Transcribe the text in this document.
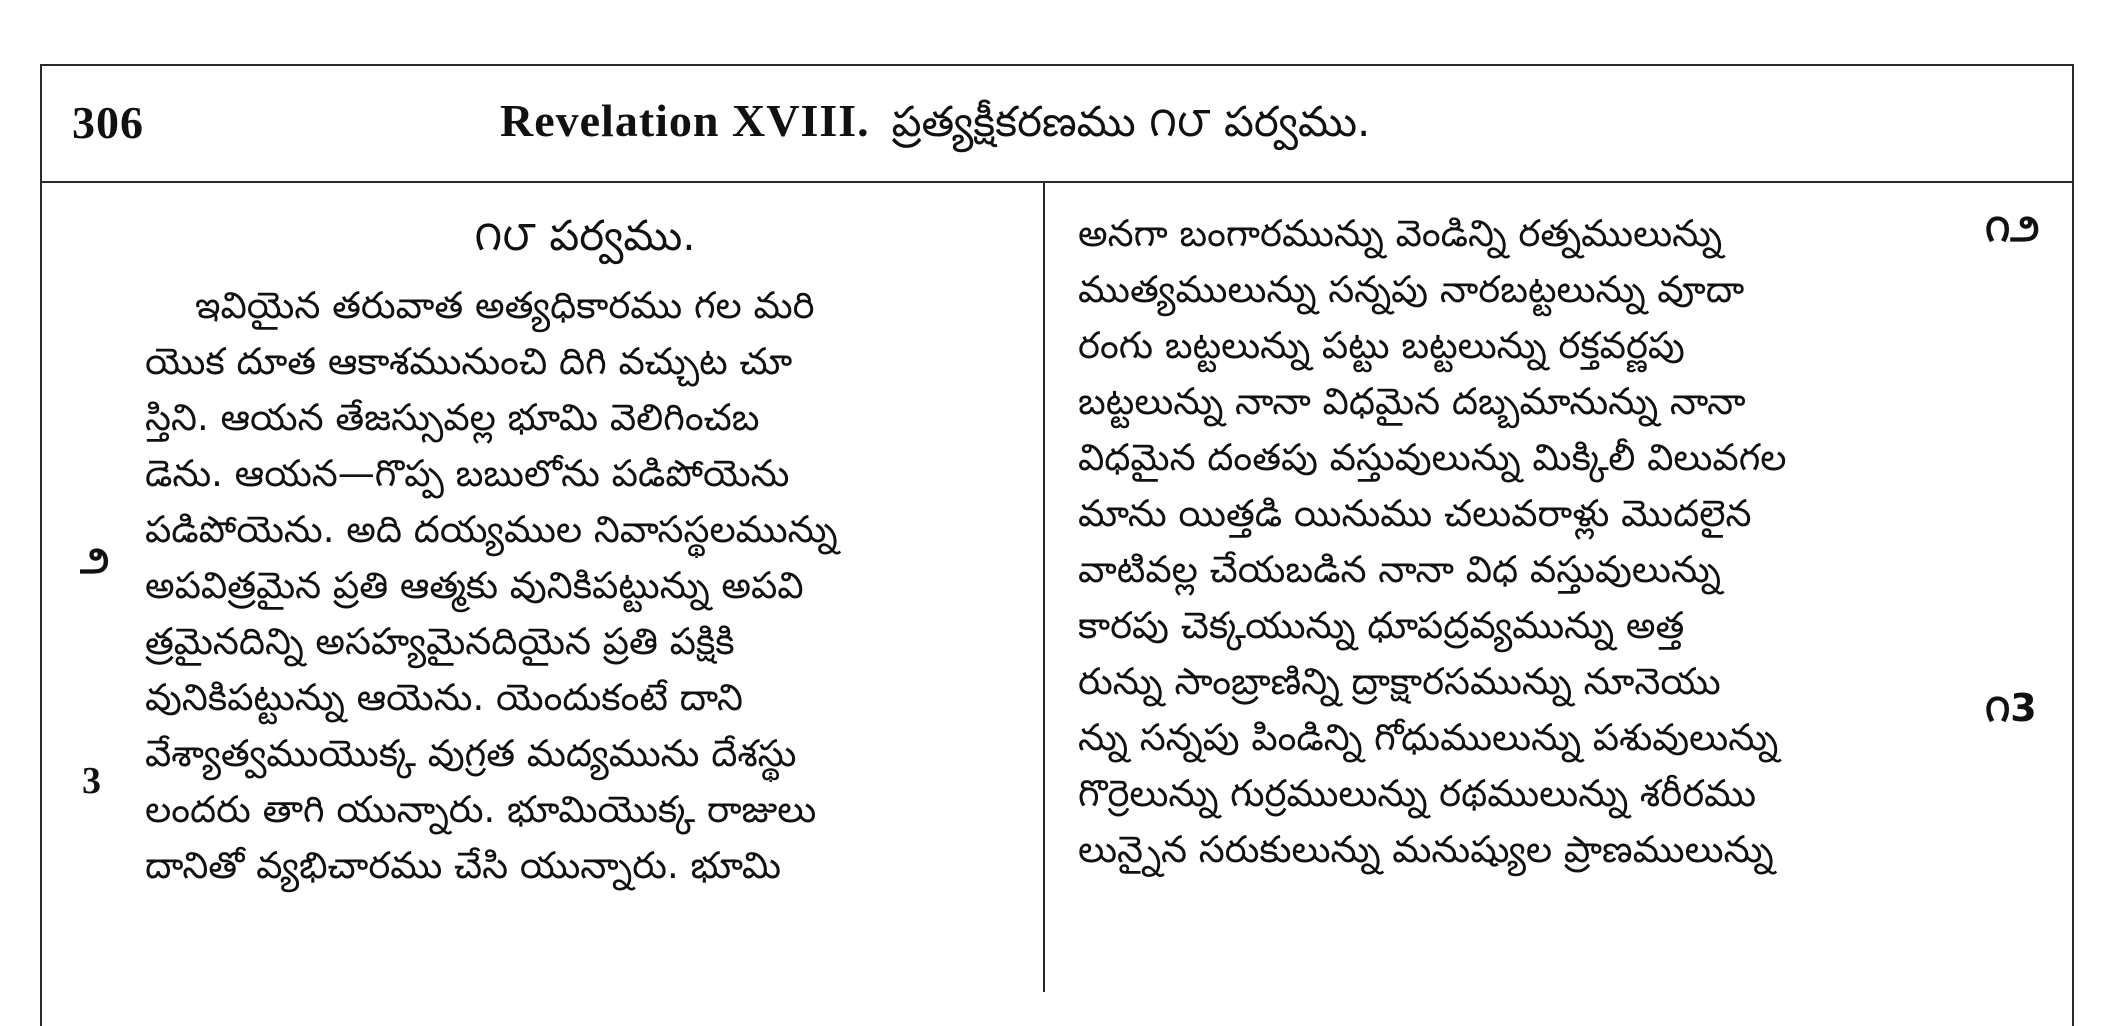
306	Revelation XVIII. ప్రత్యక్షీకరణము ౧౮ పర్వము.
౧౮ పర్వము.
ఇవియైన తరువాత అత్యధికారము గల మరి
యొక దూత ఆకాశమునుంచి దిగి వచ్చుట చూ
స్తిని. ఆయన తేజస్సువల్ల భూమి వెలిగించబ
డెను. ఆయన—గొప్ప బబులోను పడిపోయెను
పడిపోయెను. అది దయ్యముల నివాసస్థలమున్ను
అపవిత్రమైన ప్రతి ఆత్మకు వునికిపట్టున్ను అపవి
త్రమైనదిన్ని అసహ్యమైనదియైన ప్రతి పక్షికి
వునికిపట్టున్ను ఆయెను. యెందుకంటే దాని
వేశ్యాత్వముయొక్క వుగ్రత మద్యమును దేశస్థు
లందరు తాగి యున్నారు. భూమియొక్క రాజులు
దానితో వ్యభిచారము చేసి యున్నారు. భూమి
౨
3
అనగా బంగారమున్ను వెండిన్ని రత్నములున్ను
ముత్యములున్ను సన్నపు నారబట్టలున్ను వూదా
రంగు బట్టలున్ను పట్టు బట్టలున్ను రక్తవర్ణపు
బట్టలున్ను నానా విధమైన దబ్బమానున్ను నానా
విధమైన దంతపు వస్తువులున్ను మిక్కిలీ విలువగల
మాను యిత్తడి యినుము చలువరాళ్లు మొదలైన
వాటివల్ల చేయబడిన నానా విధ వస్తువులున్ను
కారపు చెక్కయున్ను ధూపద్రవ్యమున్ను అత్త
రున్ను సాంబ్రాణిన్ని ద్రాక్షారసమున్ను నూనెయు
న్ను సన్నపు పిండిన్ని గోధుములున్ను పశువులున్ను
గొర్రెలున్ను గుర్రములున్ను రథములున్ను శరీరము
లున్నైన సరుకులున్ను మనుష్యుల ప్రాణములున్ను
౧౨
౧3
